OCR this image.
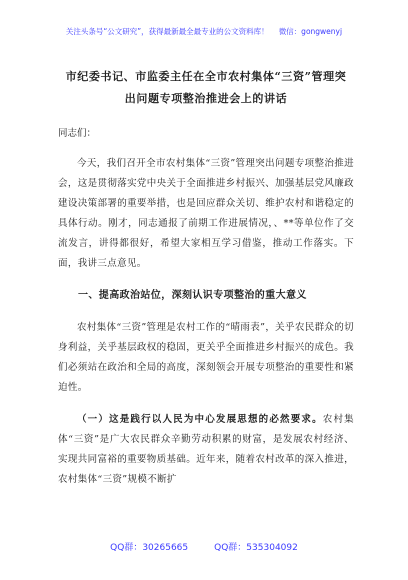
关注头条号“公文研究”，获得最新最全最专业的公文资料库！ 微信：gongwenyj
市纪委书记、市监委主任在全市农村集体“三资”管理突
出问题专项整治推进会上的讲话
同志们：

今天，我们召开全市农村集体“三资”管理突出问题专项整治推进会，这是贯彻落实党中央关于全面推进乡村振兴、加强基层党风廉政建设决策部署的重要举措，也是回应群众关切、维护农村和谐稳定的具体行动。刚才，同志通报了前期工作进展情况，、**等单位作了交流发言，讲得都很好，希望大家相互学习借鉴，推动工作落实。下面，我讲三点意见。

一、提高政治站位，深刻认识专项整治的重大意义

农村集体“三资”管理是农村工作的“晴雨表”，关乎农民群众的切身利益，关乎基层政权的稳固，更关乎全面推进乡村振兴的成色。我们必须站在政治和全局的高度，深刻领会开展专项整治的重要性和紧迫性。

（一）这是践行以人民为中心发展思想的必然要求。农村集体“三资”是广大农民群众辛勤劳动积累的财富，是发展农村经济、实现共同富裕的重要物质基础。近年来，随着农村改革的深入推进，农村集体“三资”规模不断扩

QQ群：30265665	QQ群：535304092
